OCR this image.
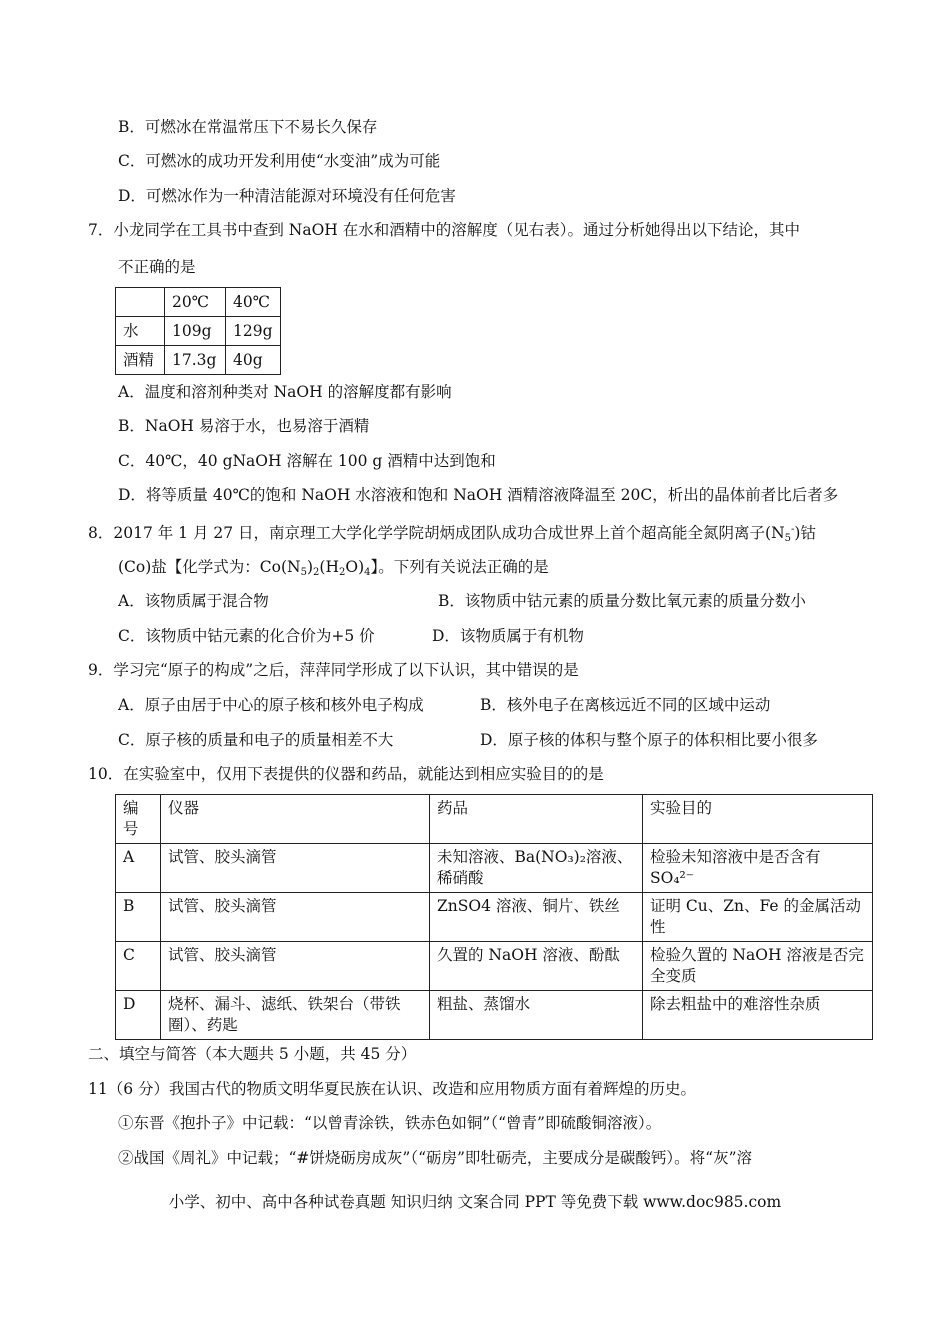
B．可燃冰在常温常压下不易长久保存
C．可燃冰的成功开发利用使“水变油”成为可能
D．可燃冰作为一种清洁能源对环境没有任何危害
7．小龙同学在工具书中查到 NaOH 在水和酒精中的溶解度（见右表）。通过分析她得出以下结论，其中
不正确的是
	20℃	40℃
水	109g	129g
酒精	17.3g	40g
A．温度和溶剂种类对 NaOH 的溶解度都有影响
B．NaOH 易溶于水，也易溶于酒精
C．40℃，40 gNaOH 溶解在 100 g 酒精中达到饱和
D．将等质量 40℃的饱和 NaOH 水溶液和饱和 NaOH 酒精溶液降温至 20C，析出的晶体前者比后者多
8．2017 年 1 月 27 日，南京理工大学化学学院胡炳成团队成功合成世界上首个超高能全氮阴离子$(N_5^-)$钴
(Co)盐【化学式为：$Co(N_5)_2(H_2O)_4$】。下列有关说法正确的是
A．该物质属于混合物	B．该物质中钴元素的质量分数比氧元素的质量分数小
C．该物质中钴元素的化合价为+5 价	D．该物质属于有机物
9．学习完“原子的构成”之后，萍萍同学形成了以下认识，其中错误的是
A．原子由居于中心的原子核和核外电子构成	B．核外电子在离核远近不同的区域中运动
C．原子核的质量和电子的质量相差不大	D．原子核的体积与整个原子的体积相比要小很多
10．在实验室中，仅用下表提供的仪器和药品，就能达到相应实验目的的是
编号	仪器	药品	实验目的
A	试管、胶头滴管	未知溶液、Ba(NO₃)₂溶液、稀硝酸	检验未知溶液中是否含有 SO₄²⁻
B	试管、胶头滴管	ZnSO4 溶液、铜片、铁丝	证明 Cu、Zn、Fe 的金属活动性
C	试管、胶头滴管	久置的 NaOH 溶液、酚酞	检验久置的 NaOH 溶液是否完全变质
D	烧杯、漏斗、滤纸、铁架台（带铁圈）、药匙	粗盐、蒸馏水	除去粗盐中的难溶性杂质
二、填空与简答（本大题共 5 小题，共 45 分）
11（6 分）我国古代的物质文明华夏民族在认识、改造和应用物质方面有着辉煌的历史。
①东晋《抱扑子》中记载：“以曾青涂铁，铁赤色如铜”（“曾青”即硫酸铜溶液）。
②战国《周礼》中记载；“#饼烧砺房成灰”（“砺房”即牡砺壳，主要成分是碳酸钙）。将“灰”溶
小学、初中、高中各种试卷真题 知识归纳 文案合同 PPT 等免费下载 www.doc985.com
